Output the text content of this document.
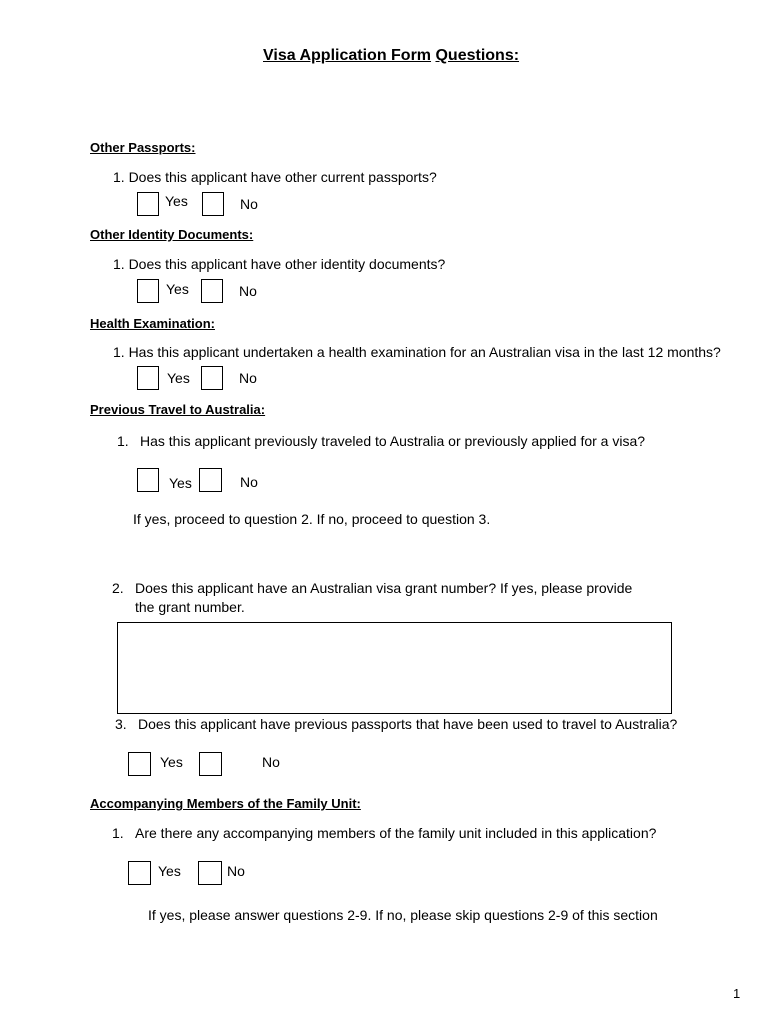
Visa Application Form Questions:
Other Passports:
1. Does this applicant have other current passports?
Yes	No
Other Identity Documents:
1. Does this applicant have other identity documents?
Yes	No
Health Examination:
1. Has this applicant undertaken a health examination for an Australian visa in the last 12 months?
Yes	No
Previous Travel to Australia:
1. Has this applicant previously traveled to Australia or previously applied for a visa?
Yes	No
If yes, proceed to question 2. If no, proceed to question 3.
2. Does this applicant have an Australian visa grant number? If yes, please provide
the grant number.
3. Does this applicant have previous passports that have been used to travel to Australia?
Yes	No
Accompanying Members of the Family Unit:
1. Are there any accompanying members of the family unit included in this application?
Yes	No
If yes, please answer questions 2-9. If no, please skip questions 2-9 of this section
1
